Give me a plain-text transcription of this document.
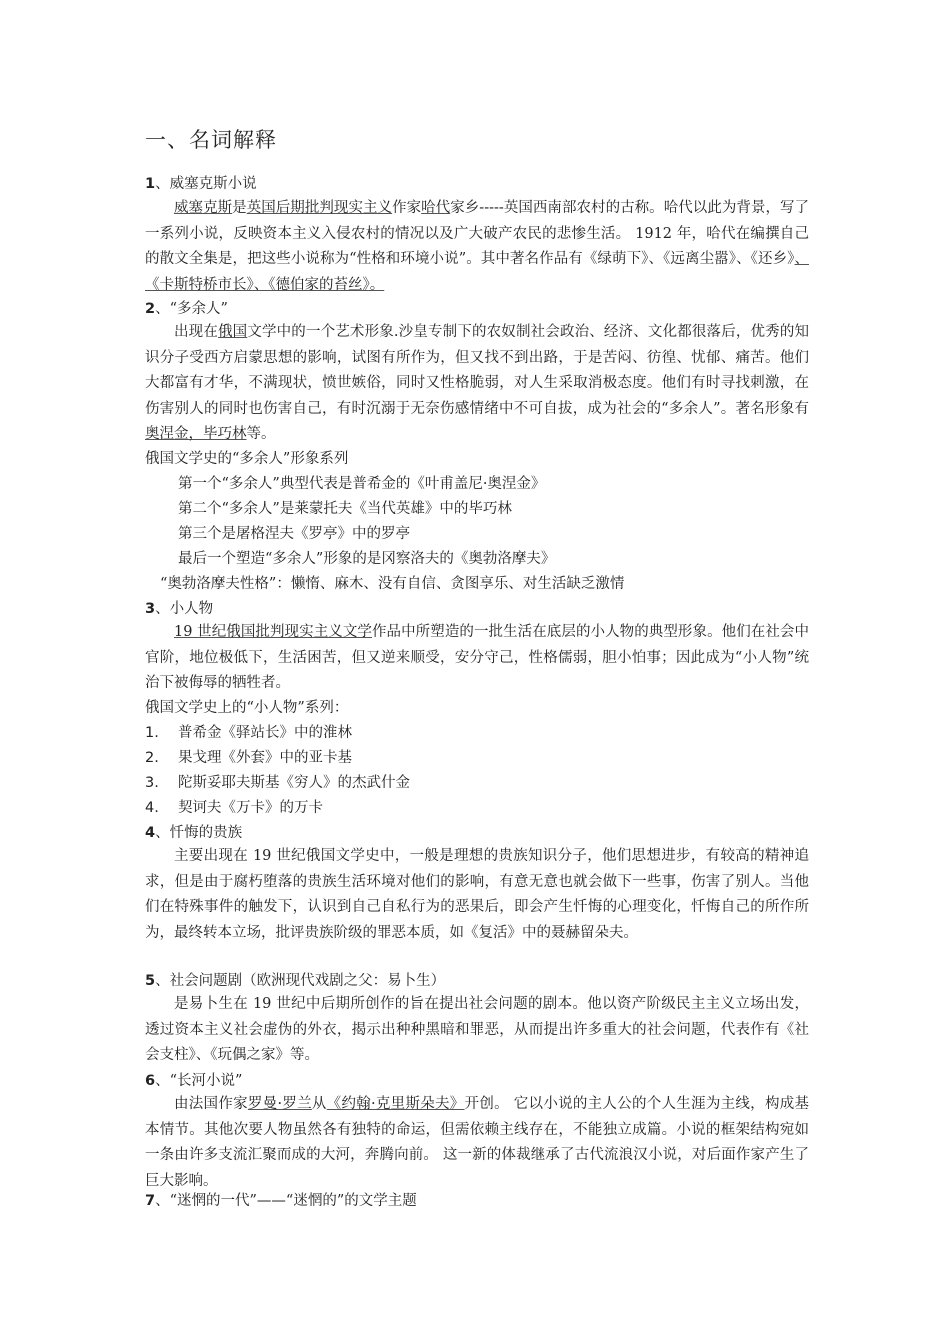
一、名词解释
1、威塞克斯小说
威塞克斯是英国后期批判现实主义作家哈代家乡-----英国西南部农村的古称。哈代以此为背景，写了一系列小说，反映资本主义入侵农村的情况以及广大破产农民的悲惨生活。 1912 年，哈代在编撰自己的散文全集是，把这些小说称为“性格和环境小说”。其中著名作品有《绿萌下》、《远离尘嚣》、《还乡》、《卡斯特桥市长》、《德伯家的苔丝》。
2、“多余人”
出现在俄国文学中的一个艺术形象.沙皇专制下的农奴制社会政治、经济、文化都很落后，优秀的知识分子受西方启蒙思想的影响，试图有所作为，但又找不到出路，于是苦闷、彷徨、忧郁、痛苦。他们大都富有才华，不满现状，愤世嫉俗，同时又性格脆弱，对人生采取消极态度。他们有时寻找刺激，在伤害别人的同时也伤害自己，有时沉溺于无奈伤感情绪中不可自拔，成为社会的“多余人”。著名形象有奥涅金，毕巧林等。
俄国文学史的“多余人”形象系列
第一个“多余人”典型代表是普希金的《叶甫盖尼·奥涅金》
第二个“多余人”是莱蒙托夫《当代英雄》中的毕巧林
第三个是屠格涅夫《罗亭》中的罗亭
最后一个塑造“多余人”形象的是冈察洛夫的《奥勃洛摩夫》
“奥勃洛摩夫性格”：懒惰、麻木、没有自信、贪图享乐、对生活缺乏激情
3、小人物
19 世纪俄国批判现实主义文学作品中所塑造的一批生活在底层的小人物的典型形象。他们在社会中官阶，地位极低下，生活困苦，但又逆来顺受，安分守己，性格儒弱，胆小怕事；因此成为“小人物”统治下被侮辱的牺牲者。
俄国文学史上的“小人物”系列：
1. 普希金《驿站长》中的淮林
2. 果戈理《外套》中的亚卡基
3. 陀斯妥耶夫斯基《穷人》的杰武什金
4. 契诃夫《万卡》的万卡
4、忏悔的贵族
主要出现在 19 世纪俄国文学史中，一般是理想的贵族知识分子，他们思想进步，有较高的精神追求，但是由于腐朽堕落的贵族生活环境对他们的影响，有意无意也就会做下一些事，伤害了别人。当他们在特殊事件的触发下，认识到自己自私行为的恶果后，即会产生忏悔的心理变化，忏悔自己的所作所为，最终转本立场，批评贵族阶级的罪恶本质，如《复活》中的聂赫留朵夫。
5、社会问题剧（欧洲现代戏剧之父：易卜生）
是易卜生在 19 世纪中后期所创作的旨在提出社会问题的剧本。他以资产阶级民主主义立场出发，透过资本主义社会虚伪的外衣，揭示出种种黑暗和罪恶，从而提出许多重大的社会问题，代表作有《社会支柱》、《玩偶之家》等。
6、“长河小说”
由法国作家罗曼·罗兰从《约翰·克里斯朵夫》开创。 它以小说的主人公的个人生涯为主线，构成基本情节。其他次要人物虽然各有独特的命运，但需依赖主线存在，不能独立成篇。小说的框架结构宛如一条由许多支流汇聚而成的大河，奔腾向前。 这一新的体裁继承了古代流浪汉小说，对后面作家产生了巨大影响。
7、“迷惘的一代”——“迷惘的”的文学主题
